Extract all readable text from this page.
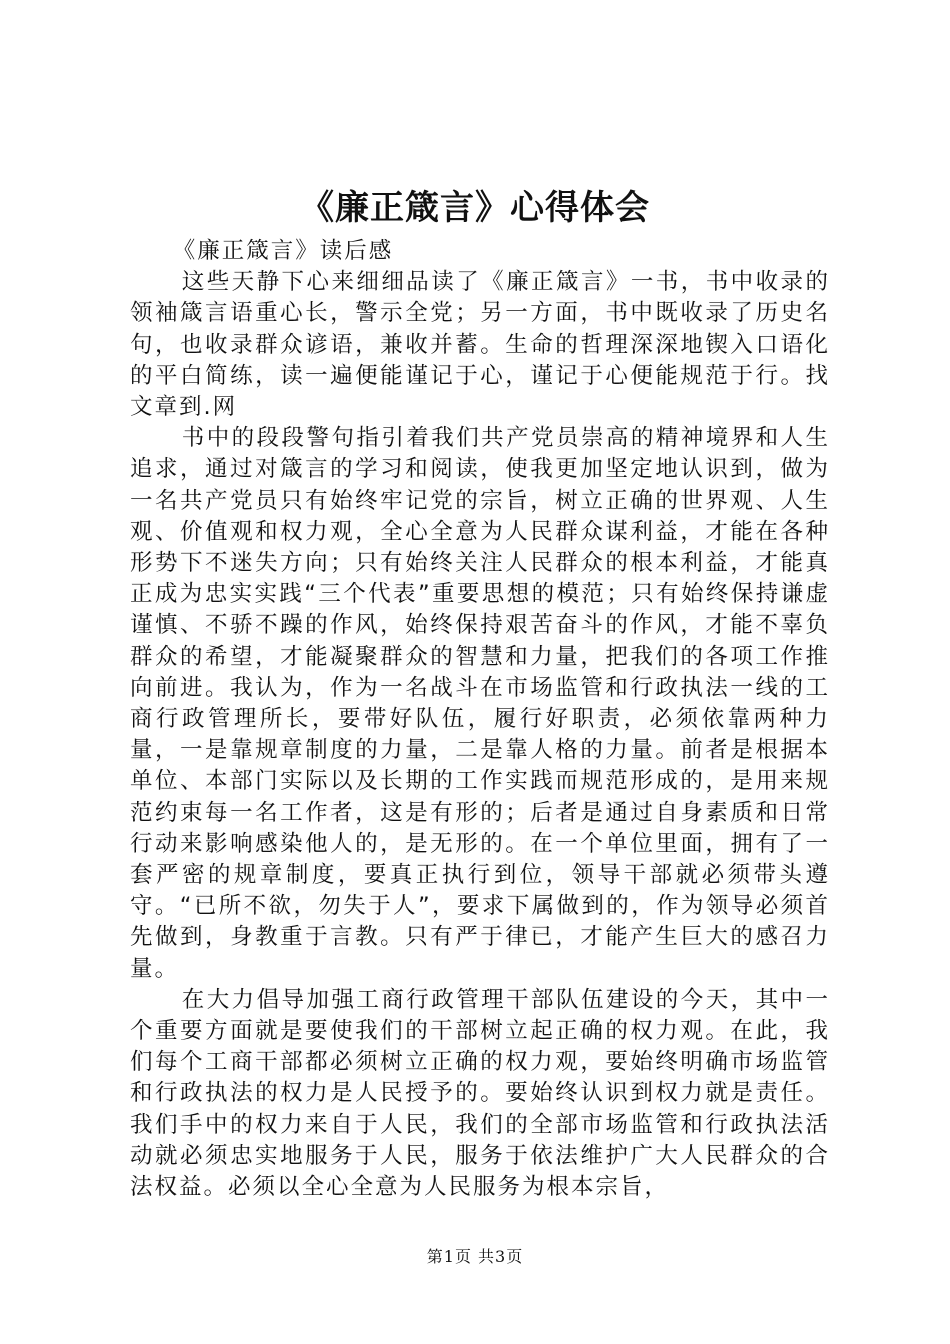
《廉正箴言》心得体会

《廉正箴言》读后感

这些天静下心来细细品读了《廉正箴言》一书，书中收录的领袖箴言语重心长，警示全党；另一方面，书中既收录了历史名句，也收录群众谚语，兼收并蓄。生命的哲理深深地锲入口语化的平白简练，读一遍便能谨记于心，谨记于心便能规范于行。找文章到.网

书中的段段警句指引着我们共产党员崇高的精神境界和人生追求，通过对箴言的学习和阅读，使我更加坚定地认识到，做为一名共产党员只有始终牢记党的宗旨，树立正确的世界观、人生观、价值观和权力观，全心全意为人民群众谋利益，才能在各种形势下不迷失方向；只有始终关注人民群众的根本利益，才能真正成为忠实实践“三个代表”重要思想的模范；只有始终保持谦虚谨慎、不骄不躁的作风，始终保持艰苦奋斗的作风，才能不辜负群众的希望，才能凝聚群众的智慧和力量，把我们的各项工作推向前进。我认为，作为一名战斗在市场监管和行政执法一线的工商行政管理所长，要带好队伍，履行好职责，必须依靠两种力量，一是靠规章制度的力量，二是靠人格的力量。前者是根据本单位、本部门实际以及长期的工作实践而规范形成的，是用来规范约束每一名工作者，这是有形的；后者是通过自身素质和日常行动来影响感染他人的，是无形的。在一个单位里面，拥有了一套严密的规章制度，要真正执行到位，领导干部就必须带头遵守。“已所不欲，勿失于人”，要求下属做到的，作为领导必须首先做到，身教重于言教。只有严于律已，才能产生巨大的感召力量。

在大力倡导加强工商行政管理干部队伍建设的今天，其中一个重要方面就是要使我们的干部树立起正确的权力观。在此，我们每个工商干部都必须树立正确的权力观，要始终明确市场监管和行政执法的权力是人民授予的。要始终认识到权力就是责任。我们手中的权力来自于人民，我们的全部市场监管和行政执法活动就必须忠实地服务于人民，服务于依法维护广大人民群众的合法权益。必须以全心全意为人民服务为根本宗旨，

第1页 共3页
